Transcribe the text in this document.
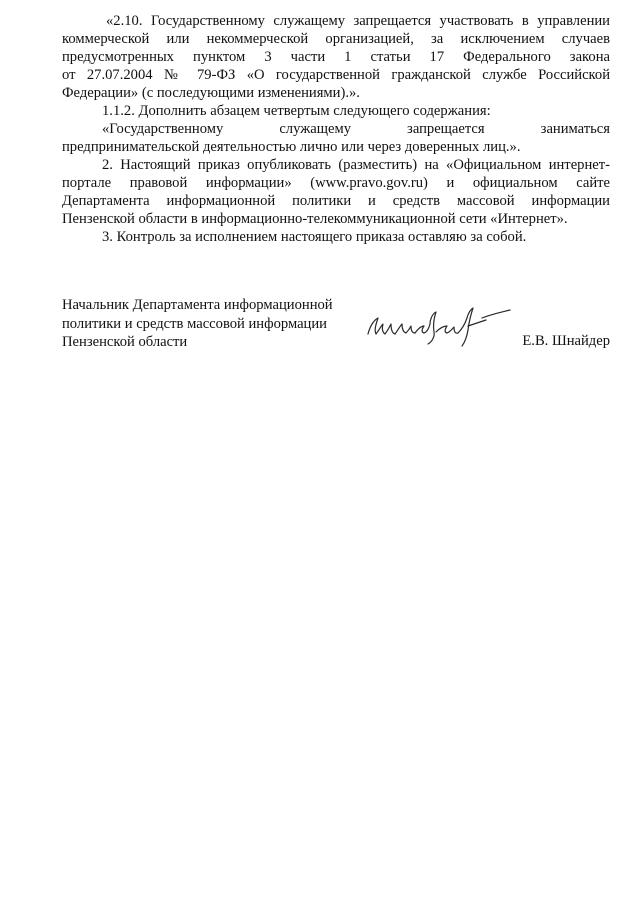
«2.10. Государственному служащему запрещается участвовать в управлении
коммерческой или некоммерческой организацией, за исключением случаев
предусмотренных пунктом 3 части 1 статьи 17 Федерального закона
от 27.07.2004 № 79-ФЗ «О государственной гражданской службе Российской
Федерации» (с последующими изменениями).».
1.1.2. Дополнить абзацем четвертым следующего содержания:
«Государственному служащему запрещается заниматься
предпринимательской деятельностью лично или через доверенных лиц.».
2. Настоящий приказ опубликовать (разместить) на «Официальном интернет-
портале правовой информации» (www.pravo.gov.ru) и официальном сайте
Департамента информационной политики и средств массовой информации
Пензенской области в информационно-телекоммуникационной сети «Интернет».
3. Контроль за исполнением настоящего приказа оставляю за собой.
Начальник Департамента информационной
политики и средств массовой информации
Пензенской области	Е.В. Шнайдер
